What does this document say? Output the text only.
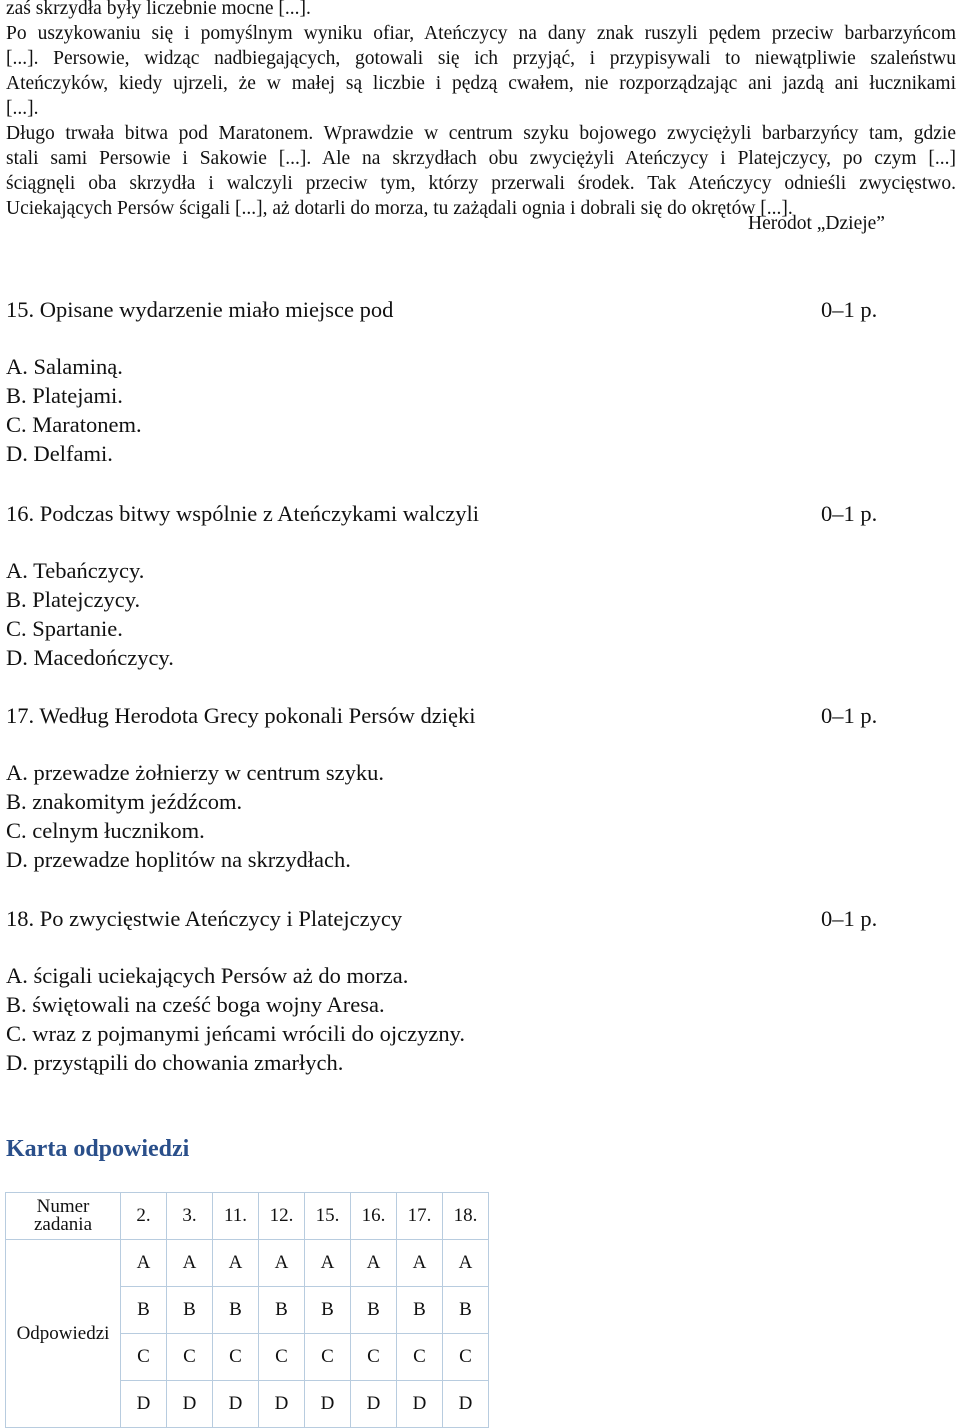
zaś skrzydła były liczebnie mocne [...].

Po uszykowaniu się i pomyślnym wyniku ofiar, Ateńczycy na dany znak ruszyli pędem przeciw barbarzyńcom

[...]. Persowie, widząc nadbiegających, gotowali się ich przyjąć, i przypisywali to niewątpliwie szaleństwu

Ateńczyków, kiedy ujrzeli, że w małej są liczbie i pędzą cwałem, nie rozporządzając ani jazdą ani łucznikami

[...].

Długo trwała bitwa pod Maratonem. Wprawdzie w centrum szyku bojowego zwyciężyli barbarzyńcy tam, gdzie

stali sami Persowie i Sakowie [...]. Ale na skrzydłach obu zwyciężyli Ateńczycy i Platejczycy, po czym [...]

ściągnęli oba skrzydła i walczyli przeciw tym, którzy przerwali środek. Tak Ateńczycy odnieśli zwycięstwo.

Uciekających Persów ścigali [...], aż dotarli do morza, tu zażądali ognia i dobrali się do okrętów [...].

Herodot „Dzieje”
15. Opisane wydarzenie miało miejsce pod	0–1 p.
A. Salaminą.
B. Platejami.
C. Maratonem.
D. Delfami.
16. Podczas bitwy wspólnie z Ateńczykami walczyli	0–1 p.
A. Tebańczycy.
B. Platejczycy.
C. Spartanie.
D. Macedończycy.
17. Według Herodota Grecy pokonali Persów dzięki	0–1 p.
A. przewadze żołnierzy w centrum szyku.
B. znakomitym jeźdźcom.
C. celnym łucznikom.
D. przewadze hoplitów na skrzydłach.
18. Po zwycięstwie Ateńczycy i Platejczycy	0–1 p.
A. ścigali uciekających Persów aż do morza.
B. świętowali na cześć boga wojny Aresa.
C. wraz z pojmanymi jeńcami wrócili do ojczyzny.
D. przystąpili do chowania zmarłych.
Karta odpowiedzi
Numer
zadania	2.	3.	11.	12.	15.	16.	17.	18.
Odpowiedzi	A	A	A	A	A	A	A	A
	B	B	B	B	B	B	B	B
	C	C	C	C	C	C	C	C
	D	D	D	D	D	D	D	D
